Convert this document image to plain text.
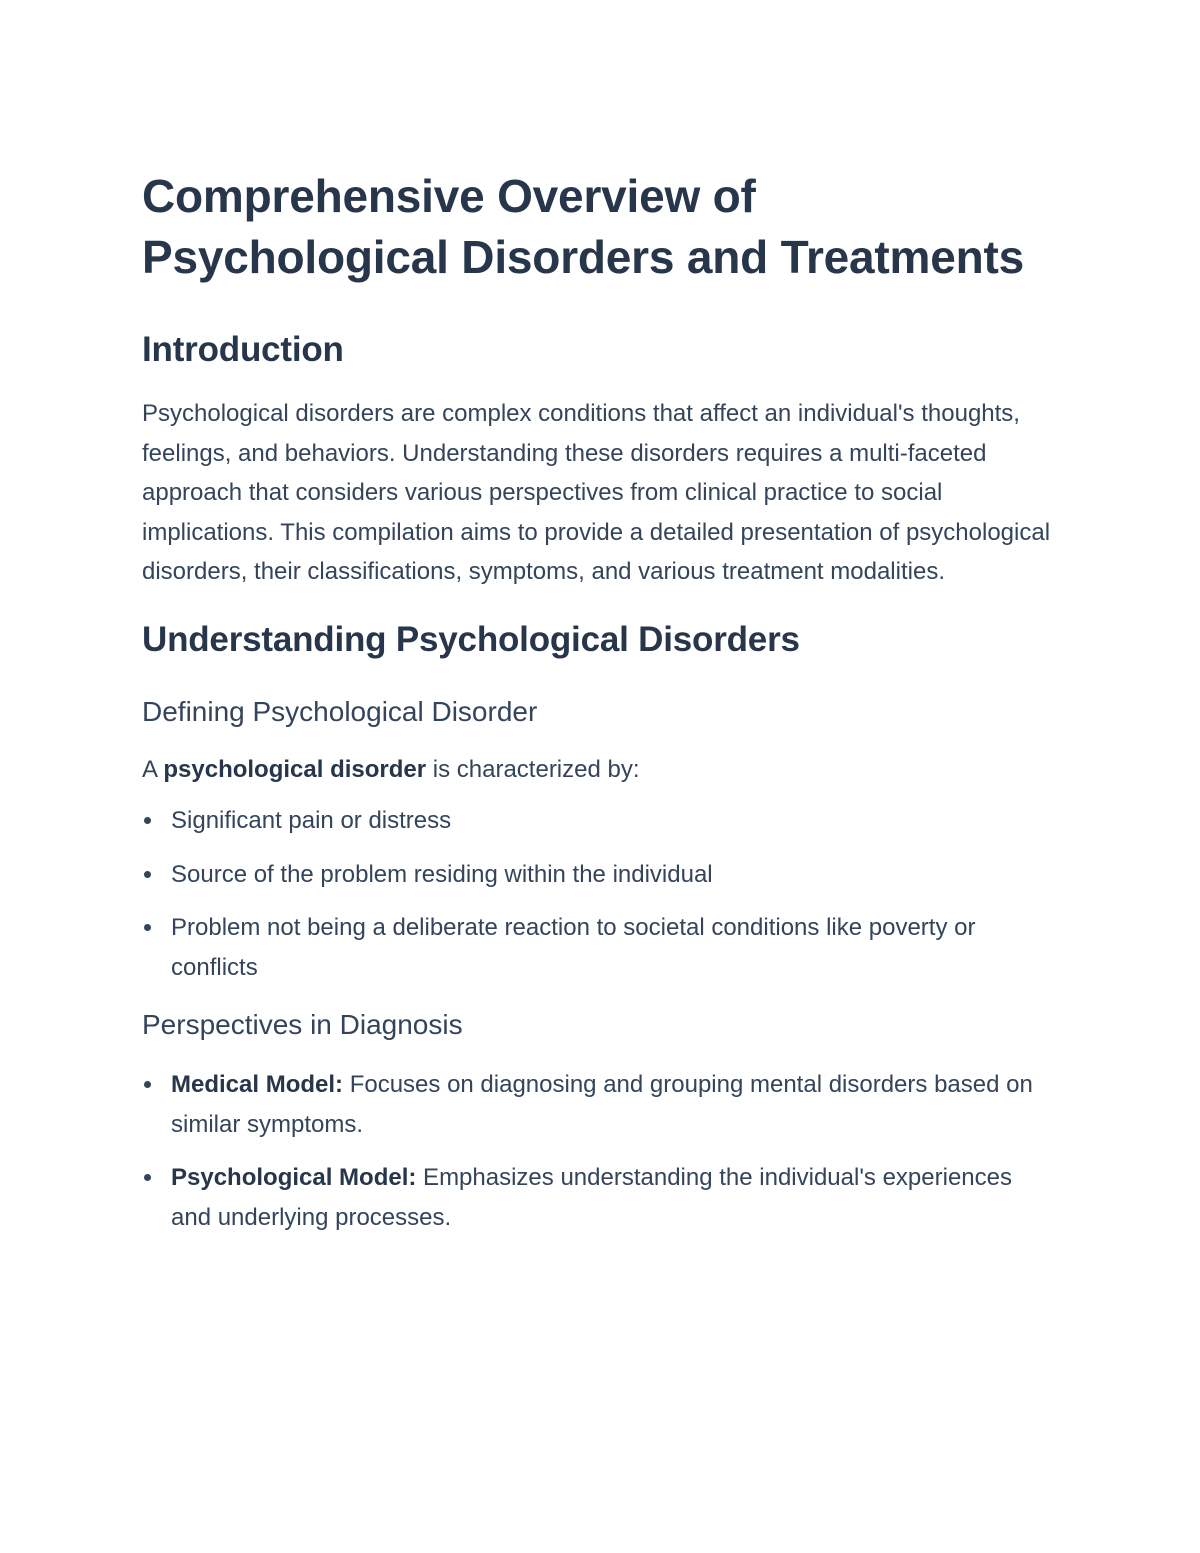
Comprehensive Overview of Psychological Disorders and Treatments
Introduction

Psychological disorders are complex conditions that affect an individual's thoughts, feelings, and behaviors. Understanding these disorders requires a multi-faceted approach that considers various perspectives from clinical practice to social implications. This compilation aims to provide a detailed presentation of psychological disorders, their classifications, symptoms, and various treatment modalities.

Understanding Psychological Disorders
Defining Psychological Disorder

A psychological disorder is characterized by:

Significant pain or distress
Source of the problem residing within the individual
Problem not being a deliberate reaction to societal conditions like poverty or conflicts
Perspectives in Diagnosis
Medical Model: Focuses on diagnosing and grouping mental disorders based on similar symptoms.
Psychological Model: Emphasizes understanding the individual's experiences and underlying processes.
